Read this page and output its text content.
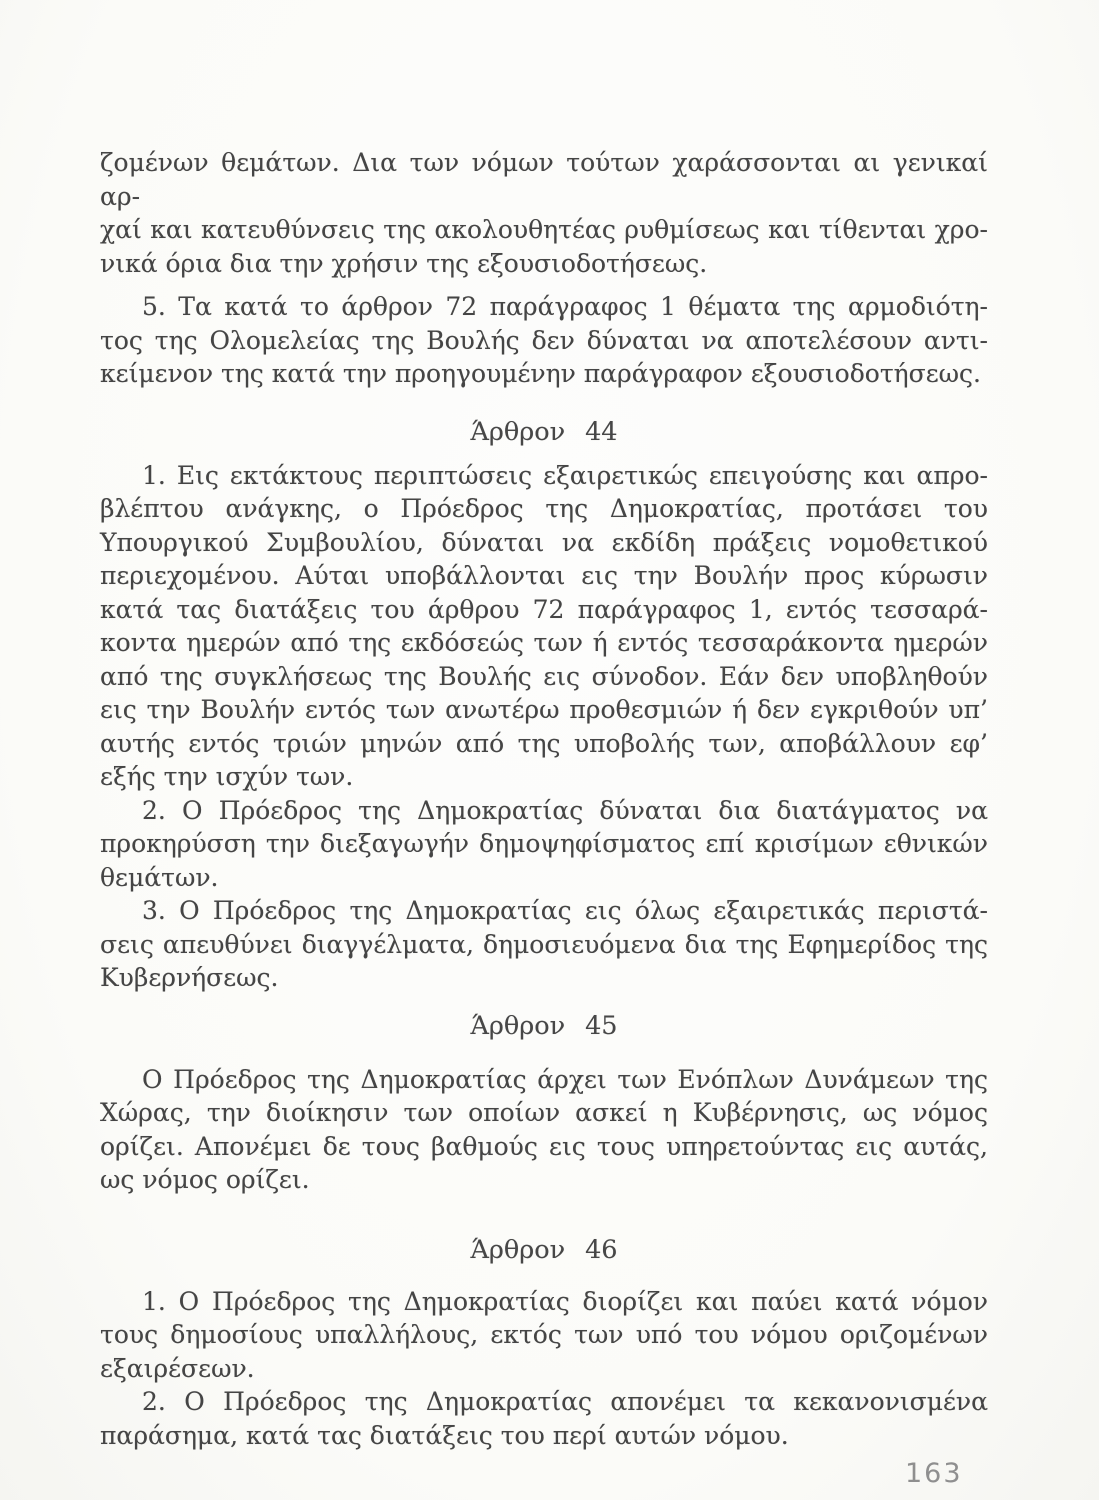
ζομένων θεμάτων. Δια των νόμων τούτων χαράσσονται αι γενικαί αρ-
χαί και κατευθύνσεις της ακολουθητέας ρυθμίσεως και τίθενται χρο-
νικά όρια δια την χρήσιν της εξουσιοδοτήσεως.

5. Τα κατά το άρθρον 72 παράγραφος 1 θέματα της αρμοδιότη-
τος της Ολομελείας της Βουλής δεν δύναται να αποτελέσουν αντι-
κείμενον της κατά την προηγουμένην παράγραφον εξουσιοδοτήσεως.

Άρθρον 44

1. Εις εκτάκτους περιπτώσεις εξαιρετικώς επειγούσης και απρο-
βλέπτου ανάγκης, ο Πρόεδρος της Δημοκρατίας, προτάσει του
Υπουργικού Συμβουλίου, δύναται να εκδίδη πράξεις νομοθετικού
περιεχομένου. Αύται υποβάλλονται εις την Βουλήν προς κύρωσιν
κατά τας διατάξεις του άρθρου 72 παράγραφος 1, εντός τεσσαρά-
κοντα ημερών από της εκδόσεώς των ή εντός τεσσαράκοντα ημερών
από της συγκλήσεως της Βουλής εις σύνοδον. Εάν δεν υποβληθούν
εις την Βουλήν εντός των ανωτέρω προθεσμιών ή δεν εγκριθούν υπ’
αυτής εντός τριών μηνών από της υποβολής των, αποβάλλουν εφ’
εξής την ισχύν των.

2. Ο Πρόεδρος της Δημοκρατίας δύναται δια διατάγματος να
προκηρύσση την διεξαγωγήν δημοψηφίσματος επί κρισίμων εθνικών
θεμάτων.

3. Ο Πρόεδρος της Δημοκρατίας εις όλως εξαιρετικάς περιστά-
σεις απευθύνει διαγγέλματα, δημοσιευόμενα δια της Εφημερίδος της
Κυβερνήσεως.

Άρθρον 45

Ο Πρόεδρος της Δημοκρατίας άρχει των Ενόπλων Δυνάμεων της
Χώρας, την διοίκησιν των οποίων ασκεί η Κυβέρνησις, ως νόμος
ορίζει. Απονέμει δε τους βαθμούς εις τους υπηρετούντας εις αυτάς,
ως νόμος ορίζει.

Άρθρον 46

1. Ο Πρόεδρος της Δημοκρατίας διορίζει και παύει κατά νόμον
τους δημοσίους υπαλλήλους, εκτός των υπό του νόμου οριζομένων
εξαιρέσεων.

2. Ο Πρόεδρος της Δημοκρατίας απονέμει τα κεκανονισμένα
παράσημα, κατά τας διατάξεις του περί αυτών νόμου.

163
